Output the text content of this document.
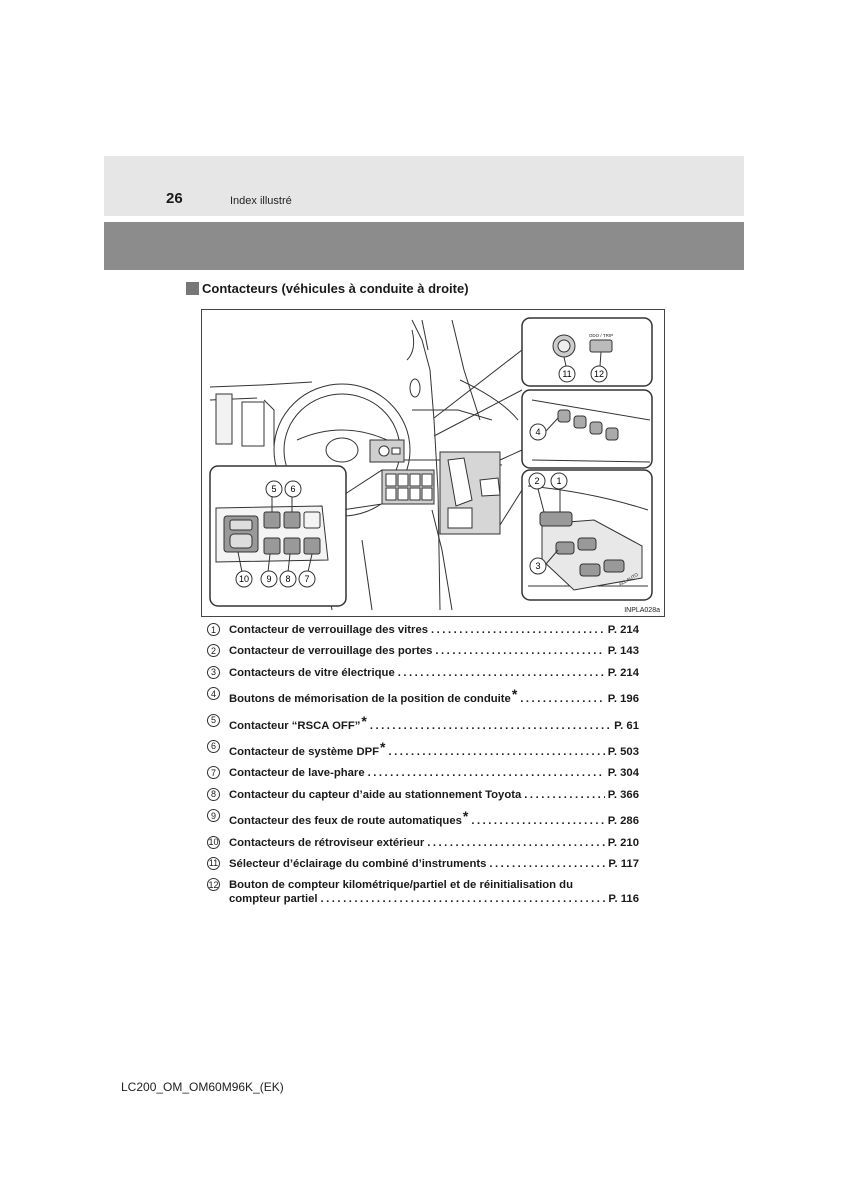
26	Index illustré
Contacteurs (véhicules à conduite à droite)
ODO / TRIP
11 12
4
ALL AUTO
2 1
3
5 6
10 9 8 7
INPLA028a
1	Contacteur de verrouillage des vitres .....	P. 214
2	Contacteur de verrouillage des portes .....	P. 143
3	Contacteurs de vitre électrique .....	P. 214
4	Boutons de mémorisation de la position de conduite* .....	P. 196
5	Contacteur “RSCA OFF”* .....	P. 61
6	Contacteur de système DPF* .....	P. 503
7	Contacteur de lave-phare .....	P. 304
8	Contacteur du capteur d’aide au stationnement Toyota .....	P. 366
9	Contacteur des feux de route automatiques* .....	P. 286
10 Contacteurs de rétroviseur extérieur .....	P. 210
11 Sélecteur d’éclairage du combiné d’instruments .....	P. 117
12 Bouton de compteur kilométrique/partiel et de réinitialisation du
compteur partiel .....	P. 116
LC200_OM_OM60M96K_(EK)
